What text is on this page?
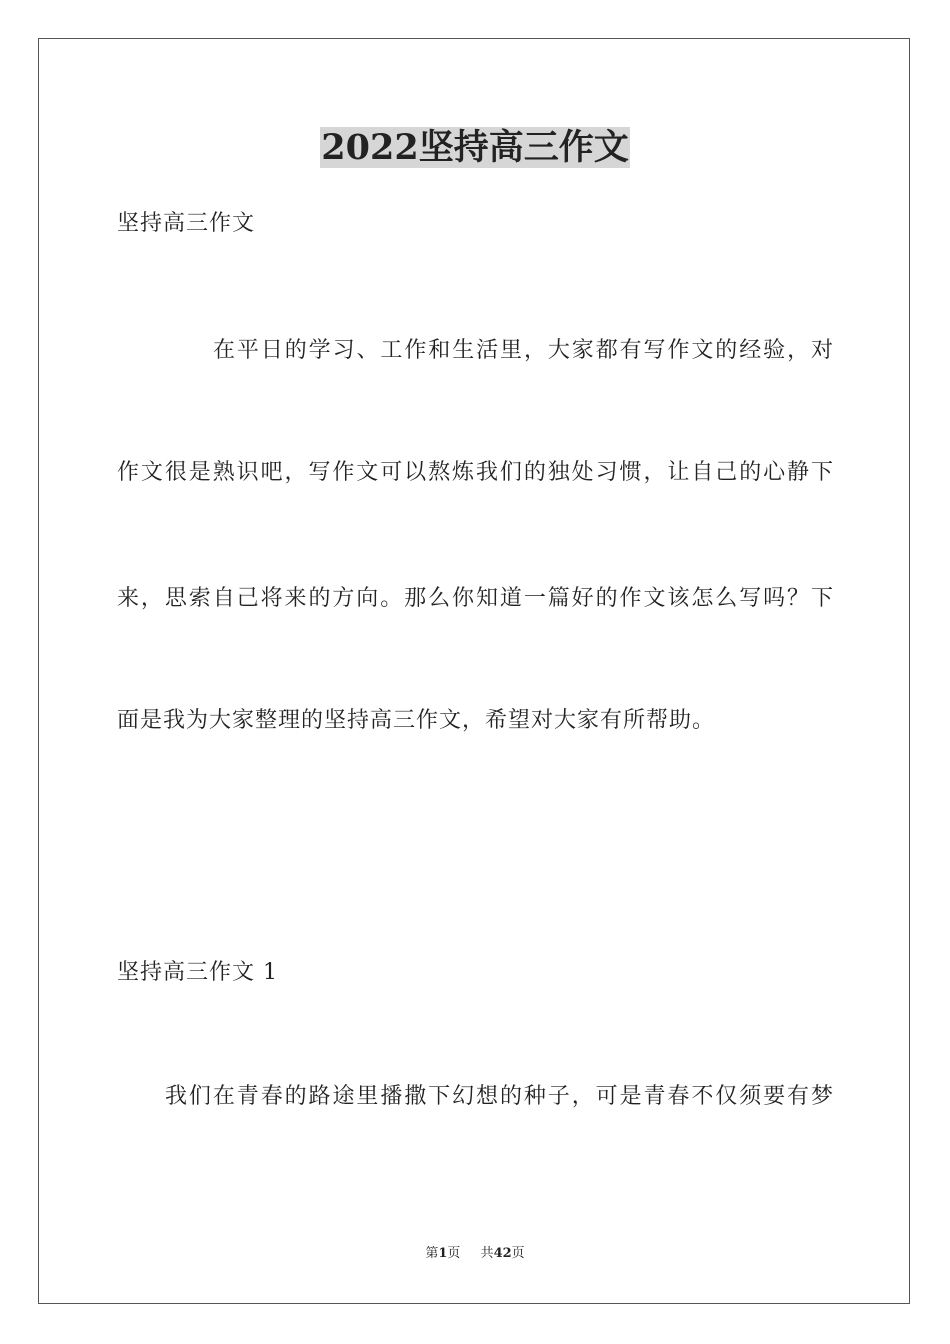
2022坚持高三作文

坚持高三作文

在平日的学习、工作和生活里，大家都有写作文的经验，对

作文很是熟识吧，写作文可以熬炼我们的独处习惯，让自己的心静下

来，思索自己将来的方向。那么你知道一篇好的作文该怎么写吗？下

面是我为大家整理的坚持高三作文，希望对大家有所帮助。

坚持高三作文 1

我们在青春的路途里播撒下幻想的种子，可是青春不仅须要有梦

第1页 共42页
